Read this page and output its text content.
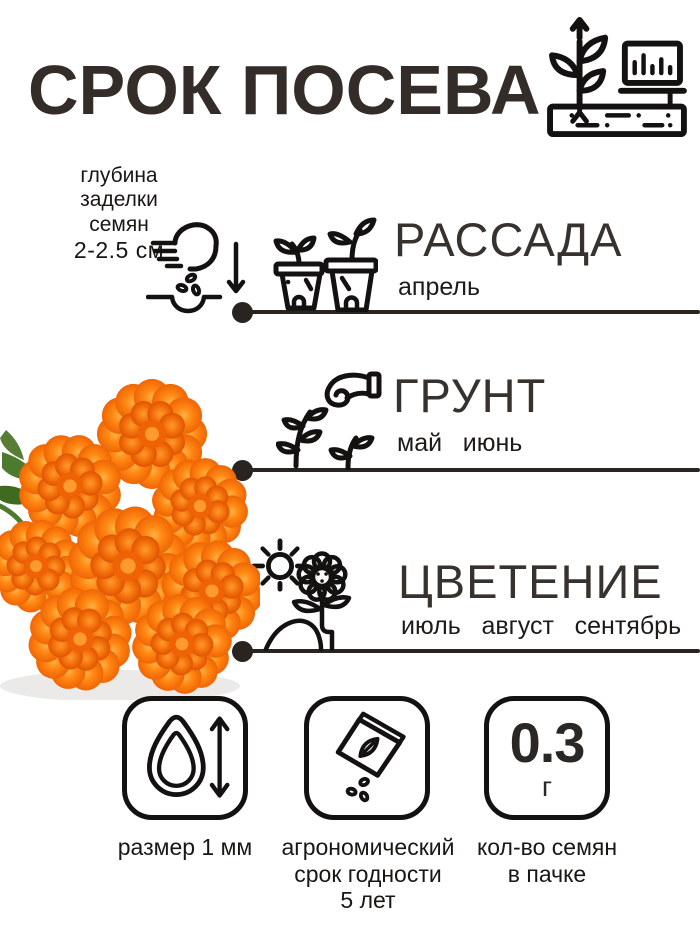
СРОК ПОСЕВА
глубина
заделки
семян
2-2.5 см	РАССАДА
апрель
ГРУНТ
май июнь
ЦВЕТЕНИЕ
июль август сентябрь
0.3
г
размер 1 мм	агрономический
срок годности
5 лет
кол-во семян
в пачке
